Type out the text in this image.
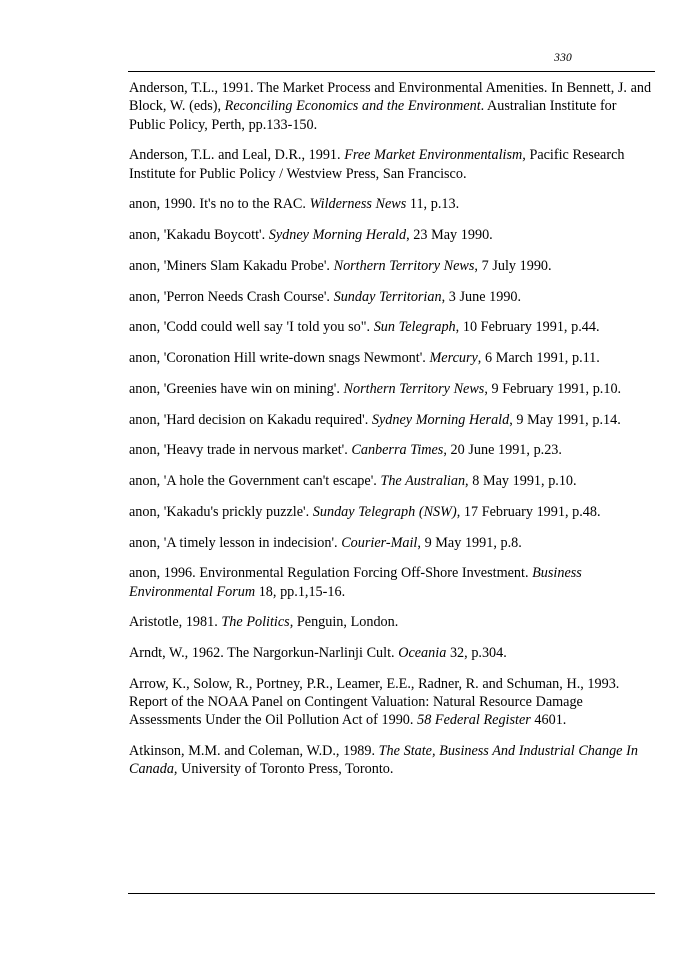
330

Anderson, T.L., 1991. The Market Process and Environmental Amenities. In Bennett, J. and Block, W. (eds), Reconciling Economics and the Environment. Australian Institute for Public Policy, Perth, pp.133-150.

Anderson, T.L. and Leal, D.R., 1991. Free Market Environmentalism, Pacific Research Institute for Public Policy / Westview Press, San Francisco.

anon, 1990. It's no to the RAC. Wilderness News 11, p.13.

anon, 'Kakadu Boycott'. Sydney Morning Herald, 23 May 1990.

anon, 'Miners Slam Kakadu Probe'. Northern Territory News, 7 July 1990.

anon, 'Perron Needs Crash Course'. Sunday Territorian, 3 June 1990.

anon, 'Codd could well say 'I told you so". Sun Telegraph, 10 February 1991, p.44.

anon, 'Coronation Hill write-down snags Newmont'. Mercury, 6 March 1991, p.11.

anon, 'Greenies have win on mining'. Northern Territory News, 9 February 1991, p.10.

anon, 'Hard decision on Kakadu required'. Sydney Morning Herald, 9 May 1991, p.14.

anon, 'Heavy trade in nervous market'. Canberra Times, 20 June 1991, p.23.

anon, 'A hole the Government can't escape'. The Australian, 8 May 1991, p.10.

anon, 'Kakadu's prickly puzzle'. Sunday Telegraph (NSW), 17 February 1991, p.48.

anon, 'A timely lesson in indecision'. Courier-Mail, 9 May 1991, p.8.

anon, 1996. Environmental Regulation Forcing Off-Shore Investment. Business Environmental Forum 18, pp.1,15-16.

Aristotle, 1981. The Politics, Penguin, London.

Arndt, W., 1962. The Nargorkun-Narlinji Cult. Oceania 32, p.304.

Arrow, K., Solow, R., Portney, P.R., Leamer, E.E., Radner, R. and Schuman, H., 1993. Report of the NOAA Panel on Contingent Valuation: Natural Resource Damage Assessments Under the Oil Pollution Act of 1990. 58 Federal Register 4601.

Atkinson, M.M. and Coleman, W.D., 1989. The State, Business And Industrial Change In Canada, University of Toronto Press, Toronto.
